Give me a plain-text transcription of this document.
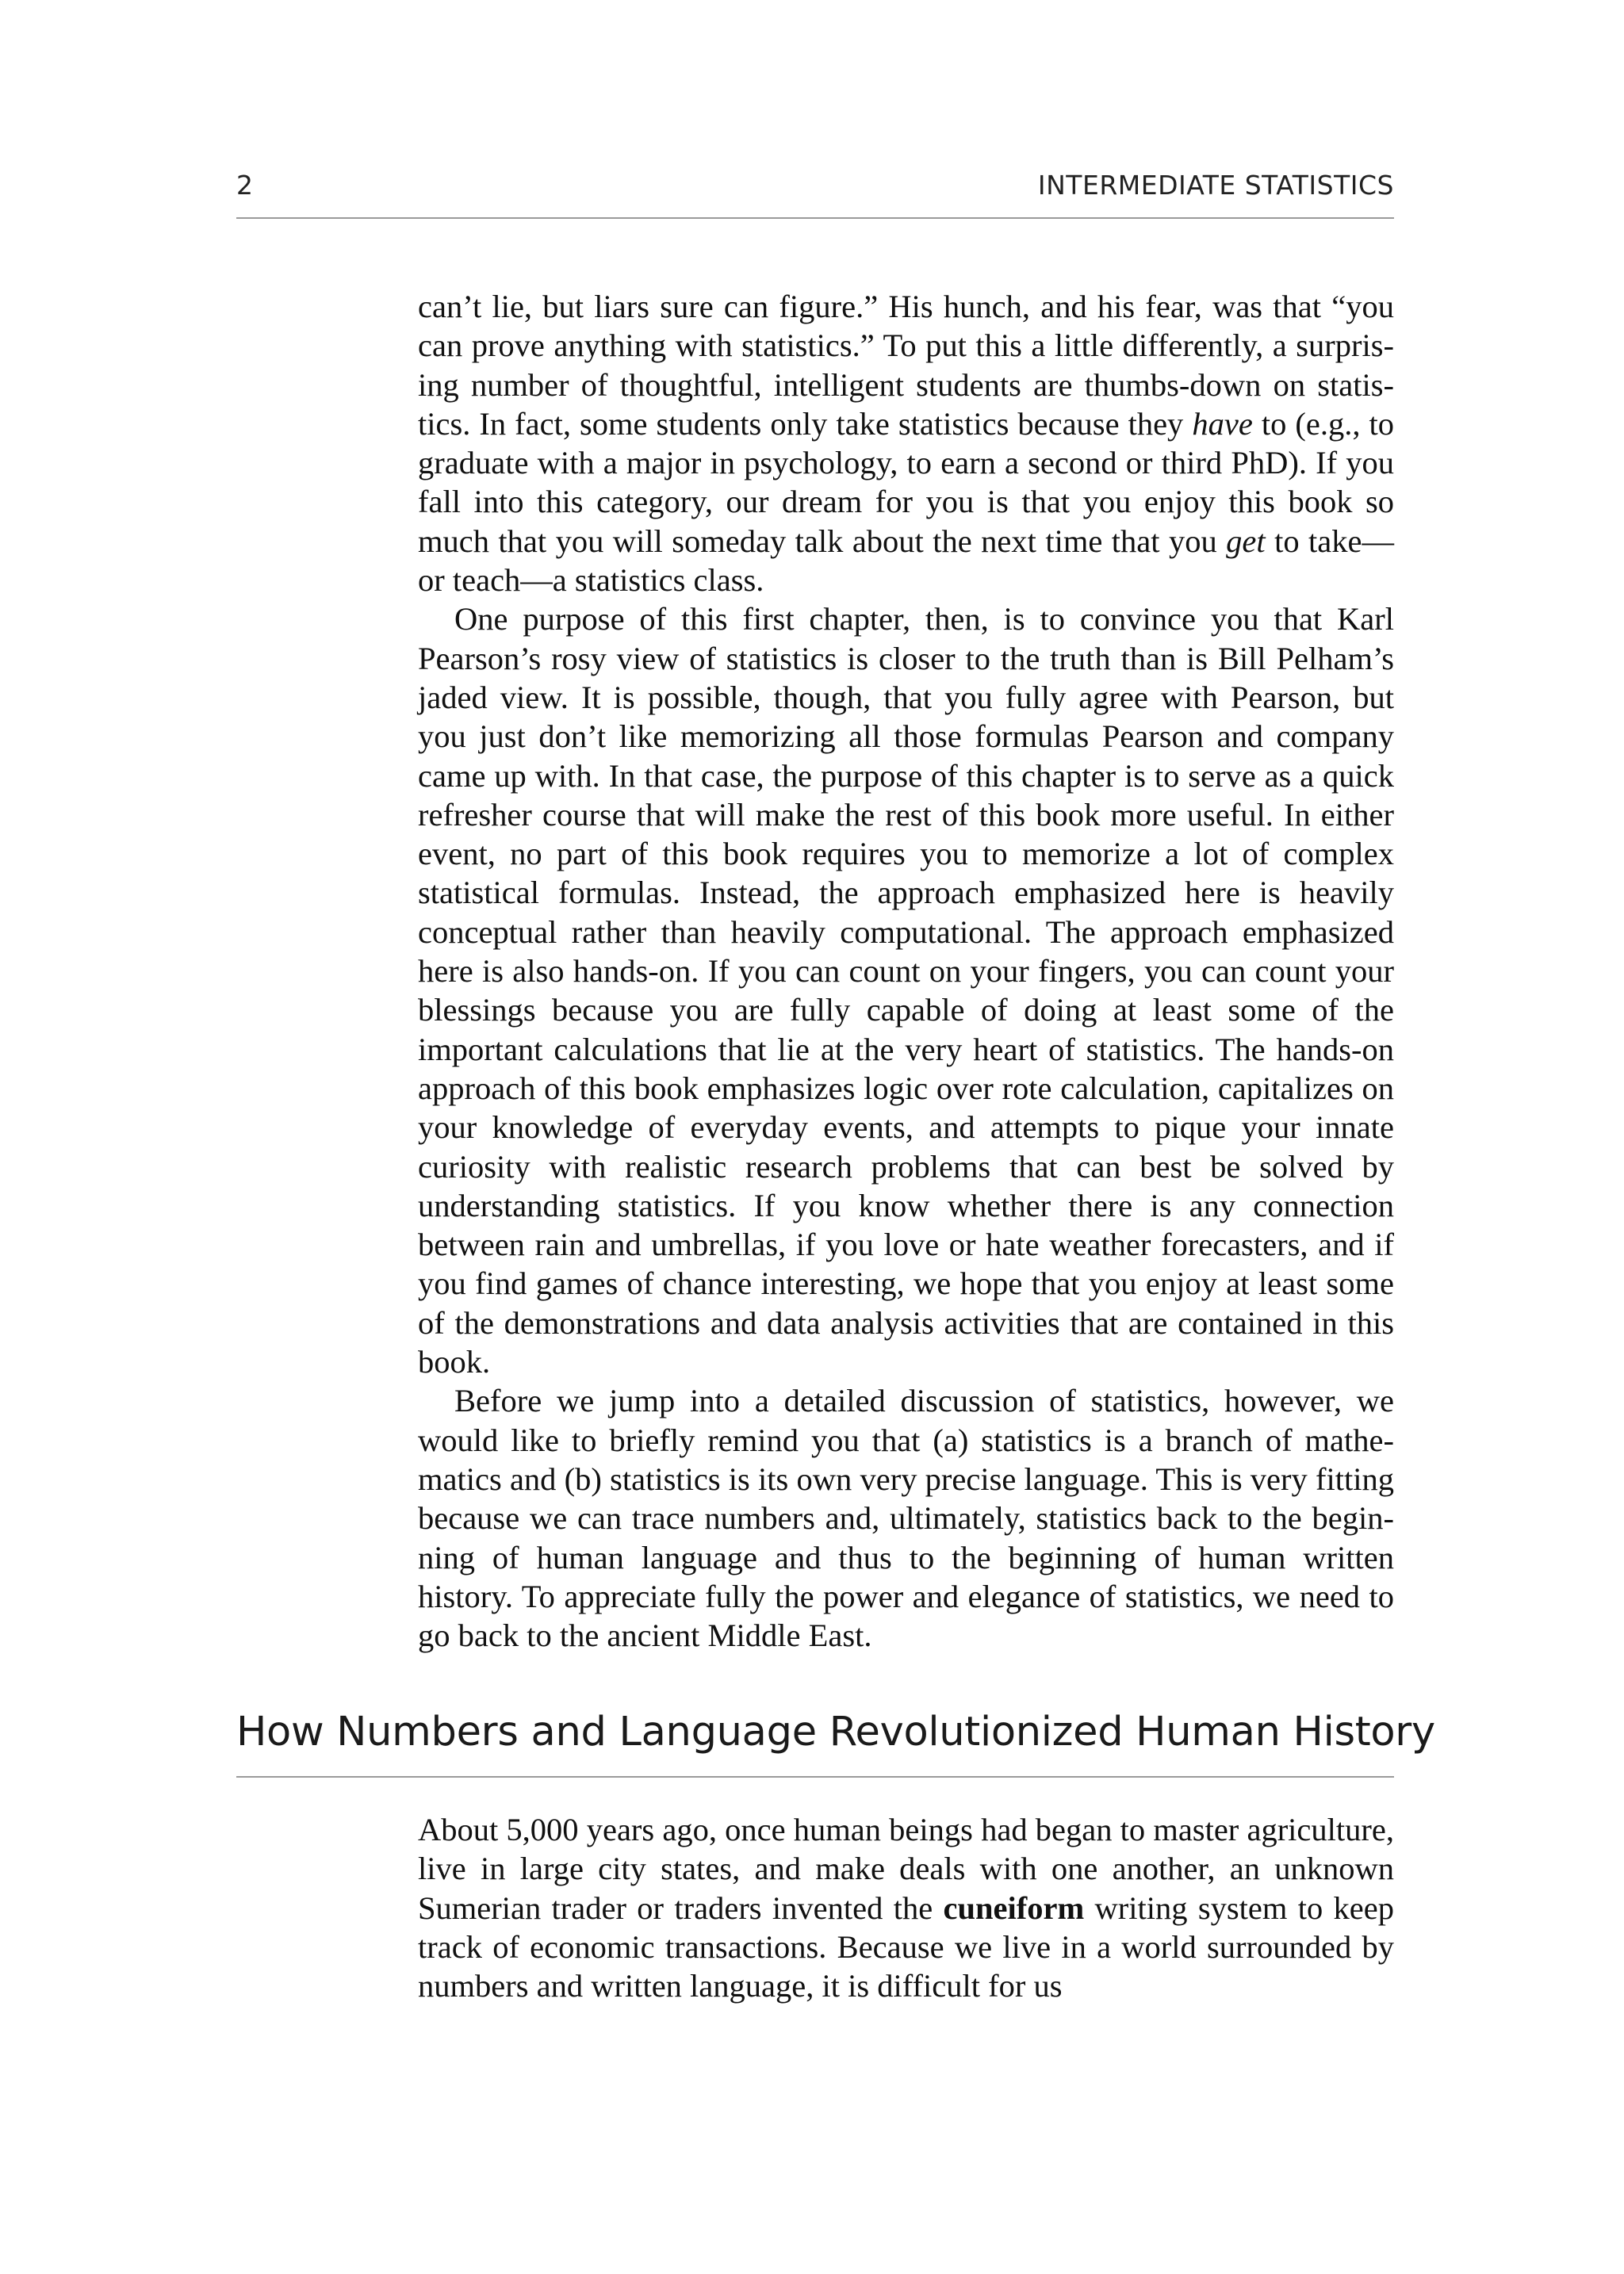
2	INTERMEDIATE STATISTICS

can’t lie, but liars sure can figure.” His hunch, and his fear, was that “you can prove anything with statistics.” To put this a little differently, a surprising number of thoughtful, intelligent students are thumbs-down on statistics. In fact, some students only take statistics because they have to (e.g., to graduate with a major in psychology, to earn a second or third PhD). If you fall into this category, our dream for you is that you enjoy this book so much that you will someday talk about the next time that you get to take—or teach—a statistics class.

One purpose of this first chapter, then, is to convince you that Karl Pearson’s rosy view of statistics is closer to the truth than is Bill Pelham’s jaded view. It is possible, though, that you fully agree with Pearson, but you just don’t like memorizing all those formulas Pearson and company came up with. In that case, the purpose of this chapter is to serve as a quick refresher course that will make the rest of this book more useful. In either event, no part of this book requires you to memorize a lot of complex statistical formulas. Instead, the approach emphasized here is heavily conceptual rather than heavily computational. The approach emphasized here is also hands-on. If you can count on your fingers, you can count your blessings because you are fully capable of doing at least some of the important calculations that lie at the very heart of statistics. The hands-on approach of this book emphasizes logic over rote calculation, capitalizes on your knowledge of everyday events, and attempts to pique your innate curiosity with realistic research problems that can best be solved by understanding statistics. If you know whether there is any connection between rain and umbrellas, if you love or hate weather forecasters, and if you find games of chance interesting, we hope that you enjoy at least some of the demonstrations and data analysis activities that are contained in this book.

Before we jump into a detailed discussion of statistics, however, we would like to briefly remind you that (a) statistics is a branch of mathematics and (b) statistics is its own very precise language. This is very fitting because we can trace numbers and, ultimately, statistics back to the beginning of human language and thus to the beginning of human written history. To appreciate fully the power and elegance of statistics, we need to go back to the ancient Middle East.

How Numbers and Language Revolutionized Human History

About 5,000 years ago, once human beings had began to master agriculture, live in large city states, and make deals with one another, an unknown Sumerian trader or traders invented the cuneiform writing system to keep track of economic transactions. Because we live in a world surrounded by numbers and written language, it is difficult for us
